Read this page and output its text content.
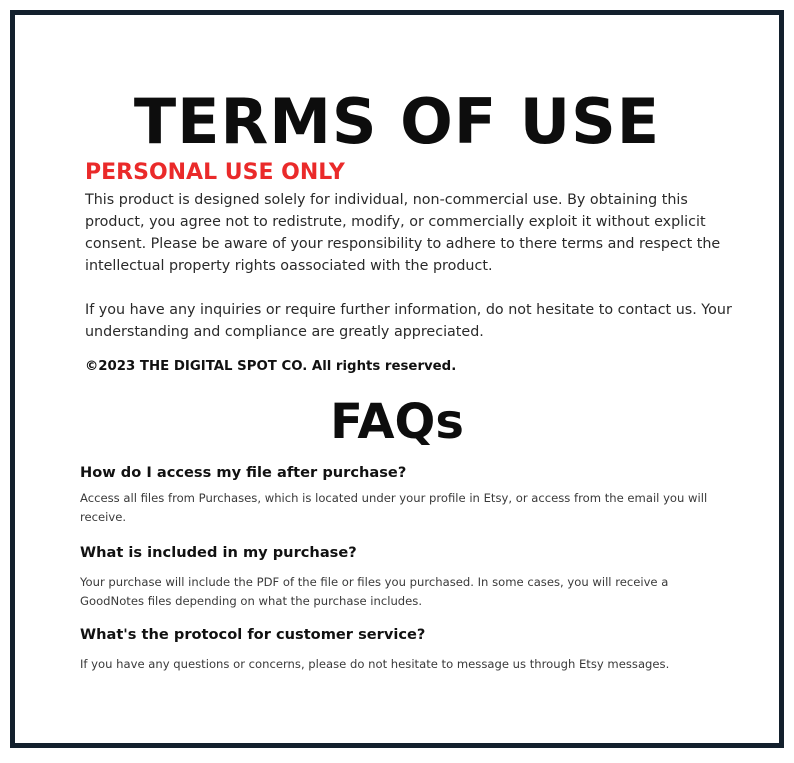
TERMS OF USE
PERSONAL USE ONLY

This product is designed solely for individual, non-commercial use. By obtaining this product, you agree not to redistrute, modify, or commercially exploit it without explicit consent. Please be aware of your responsibility to adhere to there terms and respect the intellectual property rights oassociated with the product.

If you have any inquiries or require further information, do not hesitate to contact us. Your understanding and compliance are greatly appreciated.

©2023 THE DIGITAL SPOT CO. All rights reserved.

FAQs

How do I access my file after purchase?

Access all files from Purchases, which is located under your profile in Etsy, or access from the email you will receive.

What is included in my purchase?

Your purchase will include the PDF of the file or files you purchased. In some cases, you will receive a GoodNotes files depending on what the purchase includes.

What's the protocol for customer service?

If you have any questions or concerns, please do not hesitate to message us through Etsy messages.
